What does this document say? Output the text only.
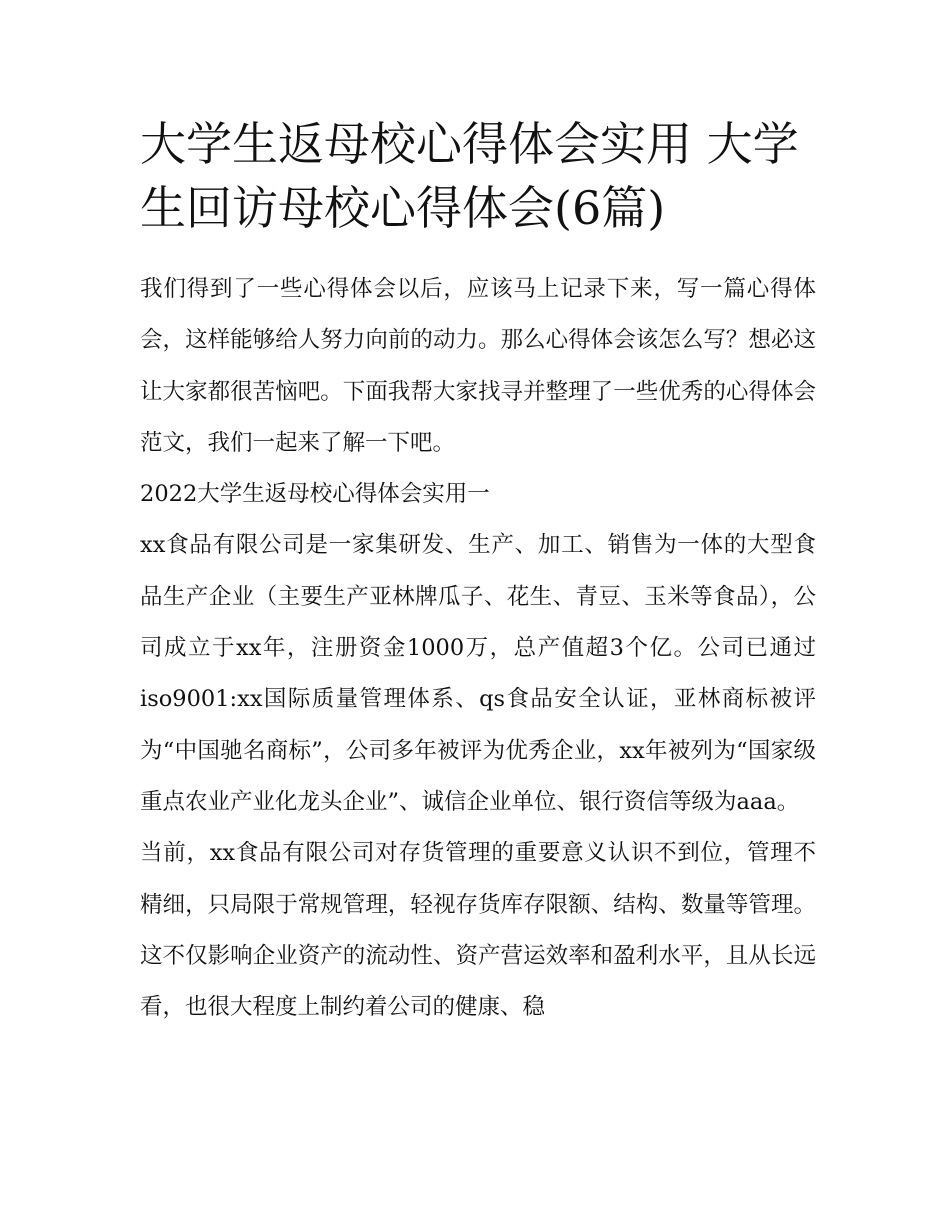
大学生返母校心得体会实用 大学生回访母校心得体会(6篇)

我们得到了一些心得体会以后，应该马上记录下来，写一篇心得体会，这样能够给人努力向前的动力。那么心得体会该怎么写？想必这让大家都很苦恼吧。下面我帮大家找寻并整理了一些优秀的心得体会范文，我们一起来了解一下吧。

2022大学生返母校心得体会实用一

xx食品有限公司是一家集研发、生产、加工、销售为一体的大型食品生产企业（主要生产亚林牌瓜子、花生、青豆、玉米等食品），公司成立于xx年，注册资金1000万，总产值超3个亿。公司已通过iso9001:xx国际质量管理体系、qs食品安全认证，亚林商标被评为“中国驰名商标”，公司多年被评为优秀企业，xx年被列为“国家级重点农业产业化龙头企业”、诚信企业单位、银行资信等级为aaa。

当前，xx食品有限公司对存货管理的重要意义认识不到位，管理不精细，只局限于常规管理，轻视存货库存限额、结构、数量等管理。这不仅影响企业资产的流动性、资产营运效率和盈利水平，且从长远看，也很大程度上制约着公司的健康、稳
